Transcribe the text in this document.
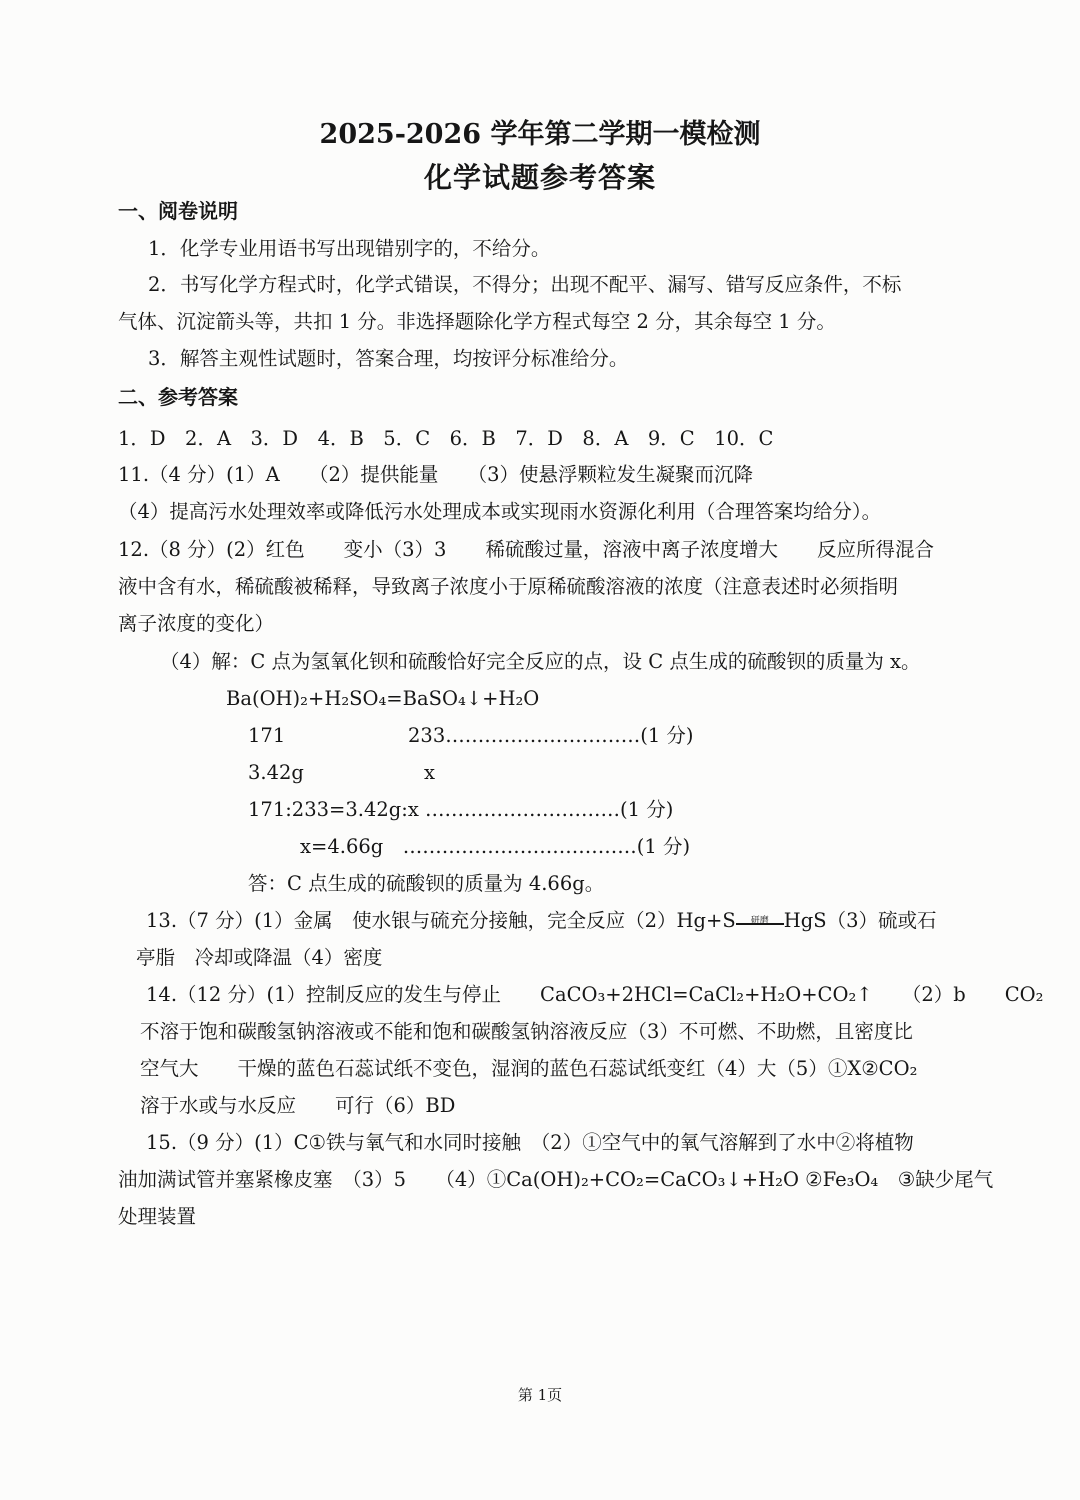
2025-2026 学年第二学期一模检测
化学试题参考答案
一、阅卷说明
1．化学专业用语书写出现错别字的，不给分。
2．书写化学方程式时，化学式错误，不得分；出现不配平、漏写、错写反应条件，不标
气体、沉淀箭头等，共扣 1 分。非选择题除化学方程式每空 2 分，其余每空 1 分。
3．解答主观性试题时，答案合理，均按评分标准给分。
二、参考答案
1．D　2．A　3．D　4．B　5．C　6．B　7．D　8．A　9．C　10．C
11.（4 分）(1）A　　（2）提供能量　　（3）使悬浮颗粒发生凝聚而沉降
（4）提高污水处理效率或降低污水处理成本或实现雨水资源化利用（合理答案均给分）。
12.（8 分）(2）红色　　变小（3）3　　稀硫酸过量，溶液中离子浓度增大　　反应所得混合
液中含有水，稀硫酸被稀释，导致离子浓度小于原稀硫酸溶液的浓度（注意表述时必须指明
离子浓度的变化）
（4）解：C 点为氢氧化钡和硫酸恰好完全反应的点，设 C 点生成的硫酸钡的质量为 x。
Ba(OH)₂+H₂SO₄=BaSO₄↓+H₂O
171	233…………………………(1 分)
3.42g	x
171:233=3.42g:x …………………………(1 分)
x=4.66g　………………………………(1 分)
答：C 点生成的硫酸钡的质量为 4.66g。
13.（7 分）(1）金属　使水银与硫充分接触，完全反应（2）Hg+S	研磨 HgS（3）硫或石
亭脂　冷却或降温（4）密度
14.（12 分）(1）控制反应的发生与停止　　CaCO₃+2HCl=CaCl₂+H₂O+CO₂↑　　（2）b　　CO₂
不溶于饱和碳酸氢钠溶液或不能和饱和碳酸氢钠溶液反应（3）不可燃、不助燃，且密度比
空气大　　干燥的蓝色石蕊试纸不变色，湿润的蓝色石蕊试纸变红（4）大（5）①X②CO₂
溶于水或与水反应　　可行（6）BD
15.（9 分）(1）C①铁与氧气和水同时接触　（2）①空气中的氧气溶解到了水中②将植物
油加满试管并塞紧橡皮塞　（3）5　　（4）①Ca(OH)₂+CO₂=CaCO₃↓+H₂O ②Fe₃O₄　③缺少尾气
处理装置
第 1页
